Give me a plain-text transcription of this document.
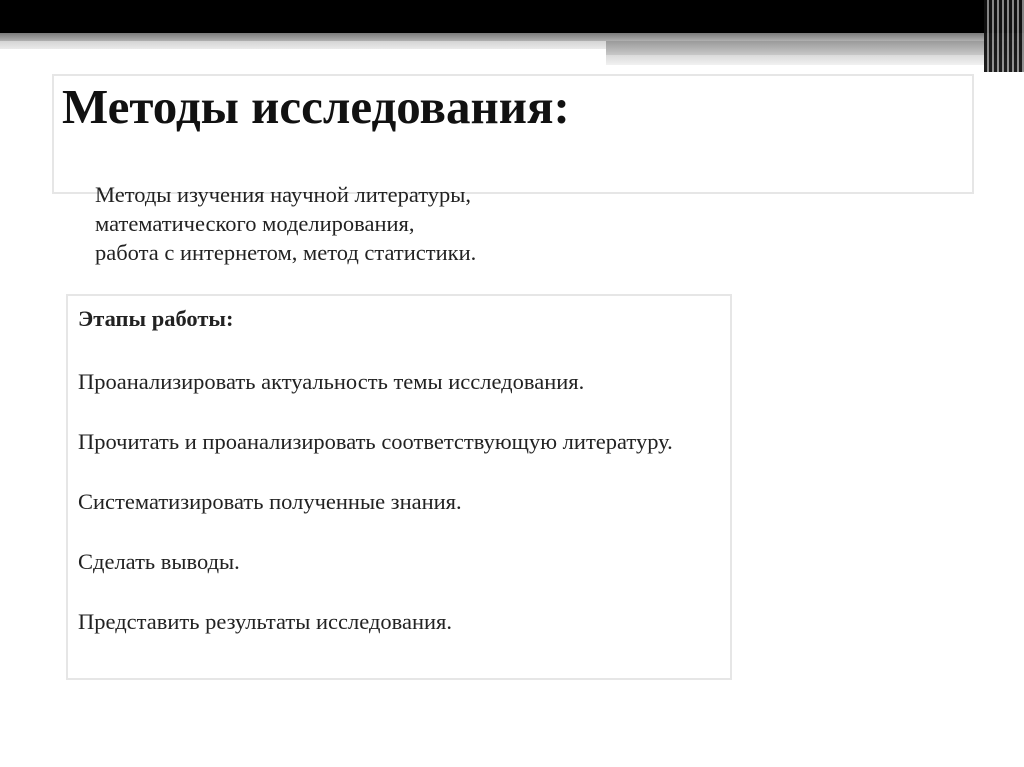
Методы исследования:
Методы изучения научной литературы,
математического моделирования,
работа с интернетом, метод статистики.
Этапы работы:
Проанализировать актуальность темы исследования.
Прочитать и проанализировать соответствующую литературу.
Систематизировать полученные знания.
Сделать выводы.
Представить результаты исследования.
